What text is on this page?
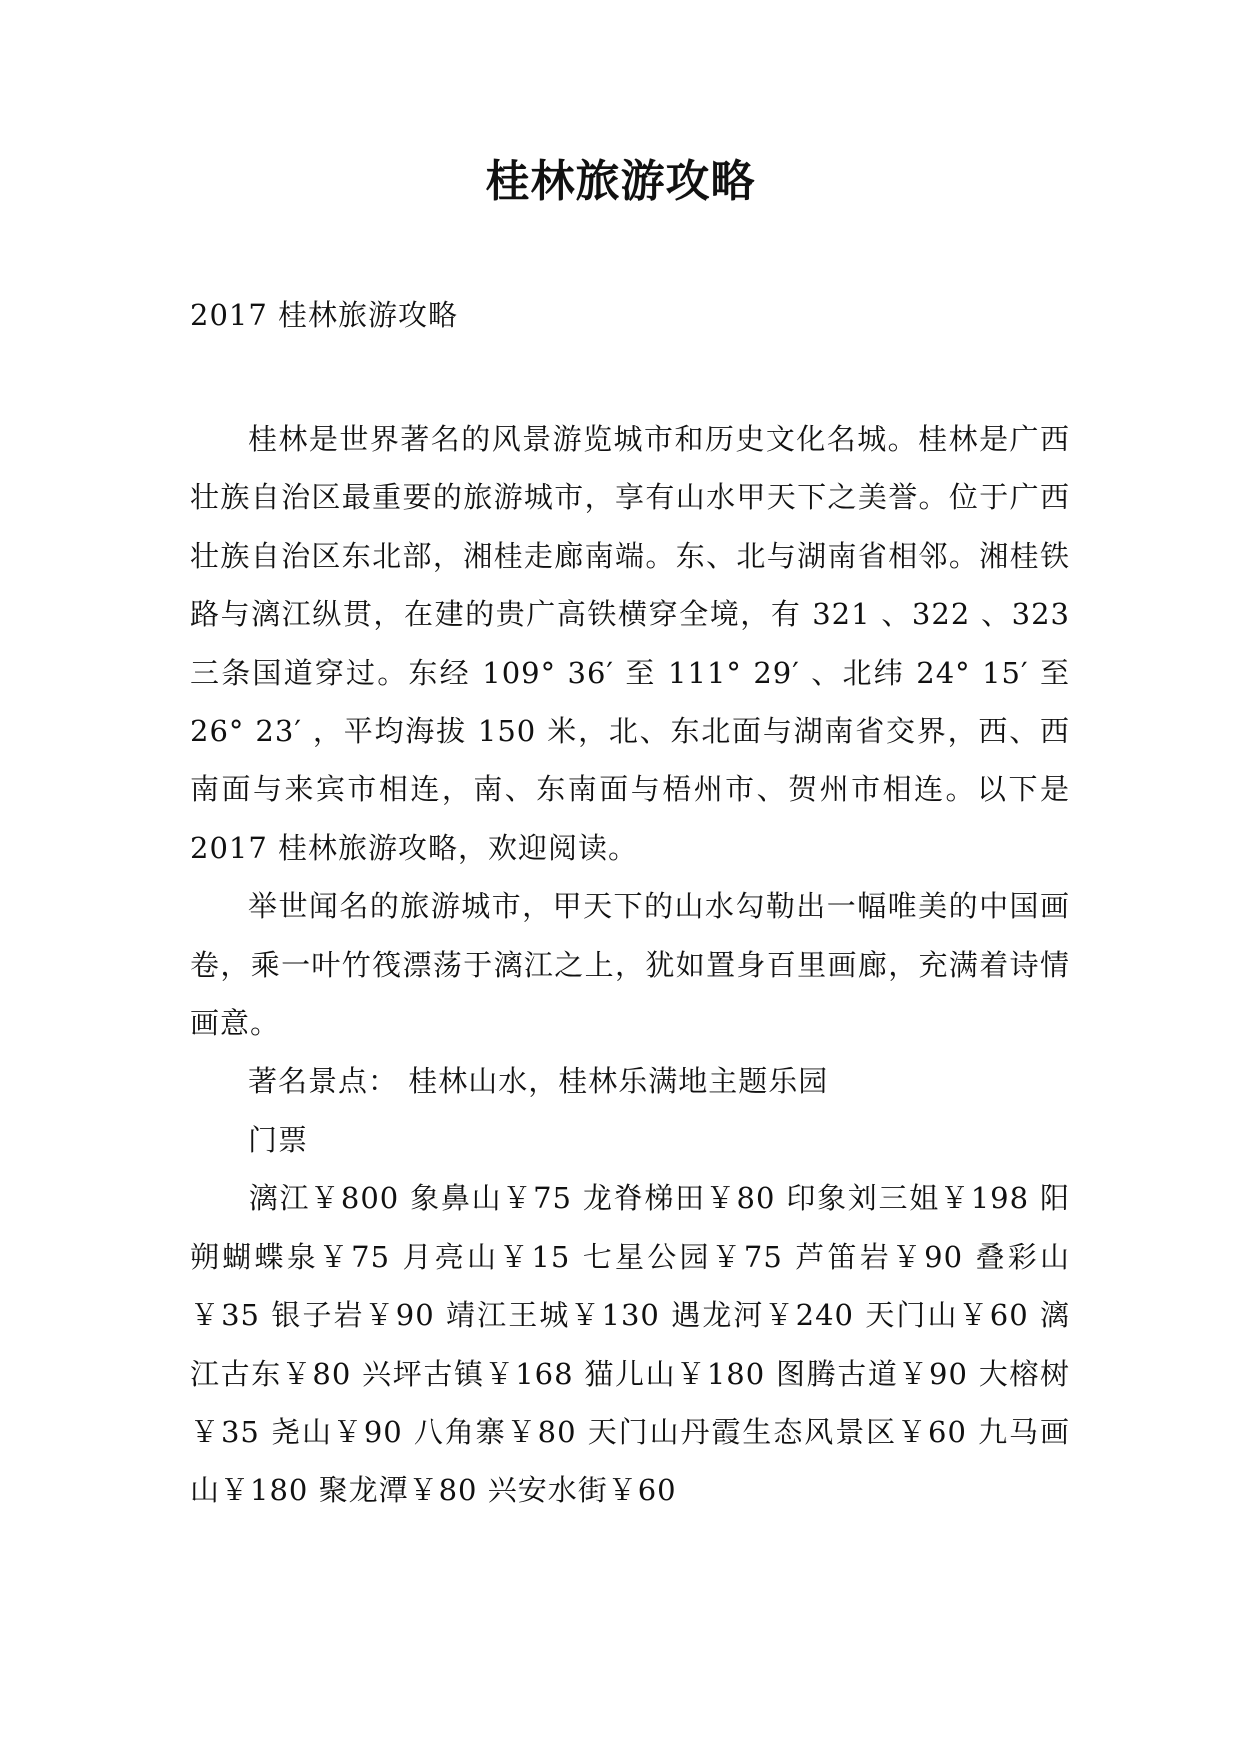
桂林旅游攻略

2017 桂林旅游攻略

桂林是世界著名的风景游览城市和历史文化名城。桂林是广西壮族自治区最重要的旅游城市，享有山水甲天下之美誉。位于广西壮族自治区东北部，湘桂走廊南端。东、北与湖南省相邻。湘桂铁路与漓江纵贯，在建的贵广高铁横穿全境，有 321 、322 、323 三条国道穿过。东经 109° 36′ 至 111° 29′ 、北纬 24° 15′ 至 26° 23′ ，平均海拔 150 米，北、东北面与湖南省交界，西、西南面与来宾市相连，南、东南面与梧州市、贺州市相连。以下是 2017 桂林旅游攻略，欢迎阅读。

举世闻名的旅游城市，甲天下的山水勾勒出一幅唯美的中国画卷，乘一叶竹筏漂荡于漓江之上，犹如置身百里画廊，充满着诗情画意。

著名景点： 桂林山水，桂林乐满地主题乐园

门票

漓江￥800 象鼻山￥75 龙脊梯田￥80 印象刘三姐￥198 阳朔蝴蝶泉￥75 月亮山￥15 七星公园￥75 芦笛岩￥90 叠彩山￥35 银子岩￥90 靖江王城￥130 遇龙河￥240 天门山￥60 漓江古东￥80 兴坪古镇￥168 猫儿山￥180 图腾古道￥90 大榕树￥35 尧山￥90 八角寨￥80 天门山丹霞生态风景区￥60 九马画山￥180 聚龙潭￥80 兴安水街￥60
